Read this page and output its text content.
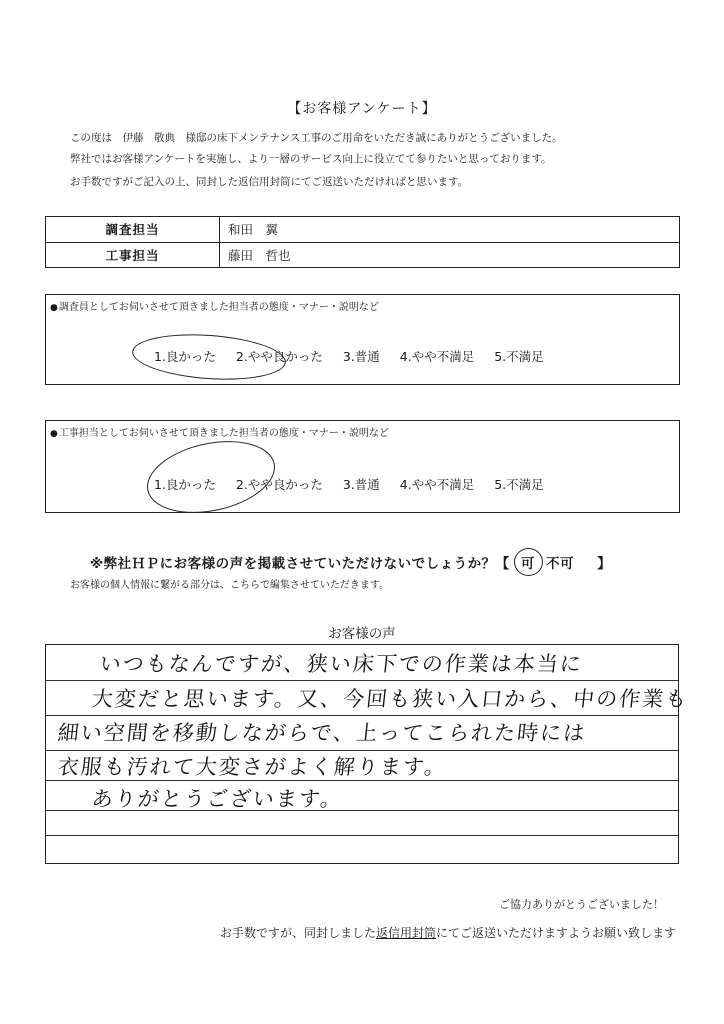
【お客様アンケート】
この度は　伊藤　敬典　様邸の床下メンテナンス工事のご用命をいただき誠にありがとうございました。
弊社ではお客様アンケートを実施し、より一層のサービス向上に役立てて参りたいと思っております。
お手数ですがご記入の上、同封した返信用封筒にてご返送いただければと思います。
調査担当	和田　翼
工事担当	藤田　哲也
●調査員としてお伺いさせて頂きました担当者の態度・マナー・説明など
1.良かった 2.やや良かった 3.普通 4.やや不満足 5.不満足
●工事担当としてお伺いさせて頂きました担当者の態度・マナー・説明など
1.良かった 2.やや良かった 3.普通 4.やや不満足 5.不満足
※弊社ＨＰにお客様の声を掲載させていただけないでしょうか？【 可 不可 】
お客様の個人情報に繋がる部分は、こちらで編集させていただきます。
お客様の声
いつもなんですが、狭い床下での作業は本当に
大変だと思います。又、今回も狭い入口から、中の作業も
細い空間を移動しながらで、上ってこられた時には
衣服も汚れて大変さがよく解ります。
ありがとうございます。
ご協力ありがとうございました！
お手数ですが、同封しました返信用封筒にてご返送いただけますようお願い致します
